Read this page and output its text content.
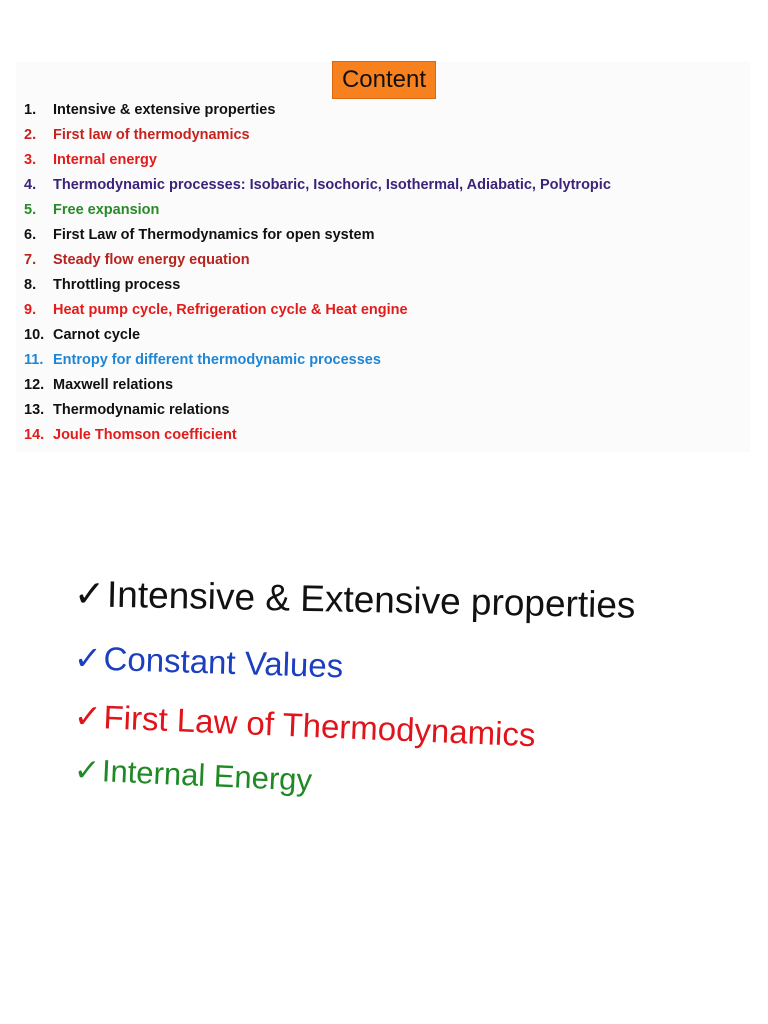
Content
1. Intensive & extensive properties
2. First law of thermodynamics
3. Internal energy
4. Thermodynamic processes: Isobaric, Isochoric, Isothermal, Adiabatic, Polytropic
5. Free expansion
6. First Law of Thermodynamics for open system
7. Steady flow energy equation
8. Throttling process
9. Heat pump cycle, Refrigeration cycle & Heat engine
10. Carnot cycle
11. Entropy for different thermodynamic processes
12. Maxwell relations
13. Thermodynamic relations
14. Joule Thomson coefficient
✓Intensive & Extensive properties
✓Constant Values
✓First Law of Thermodynamics
✓Internal Energy
